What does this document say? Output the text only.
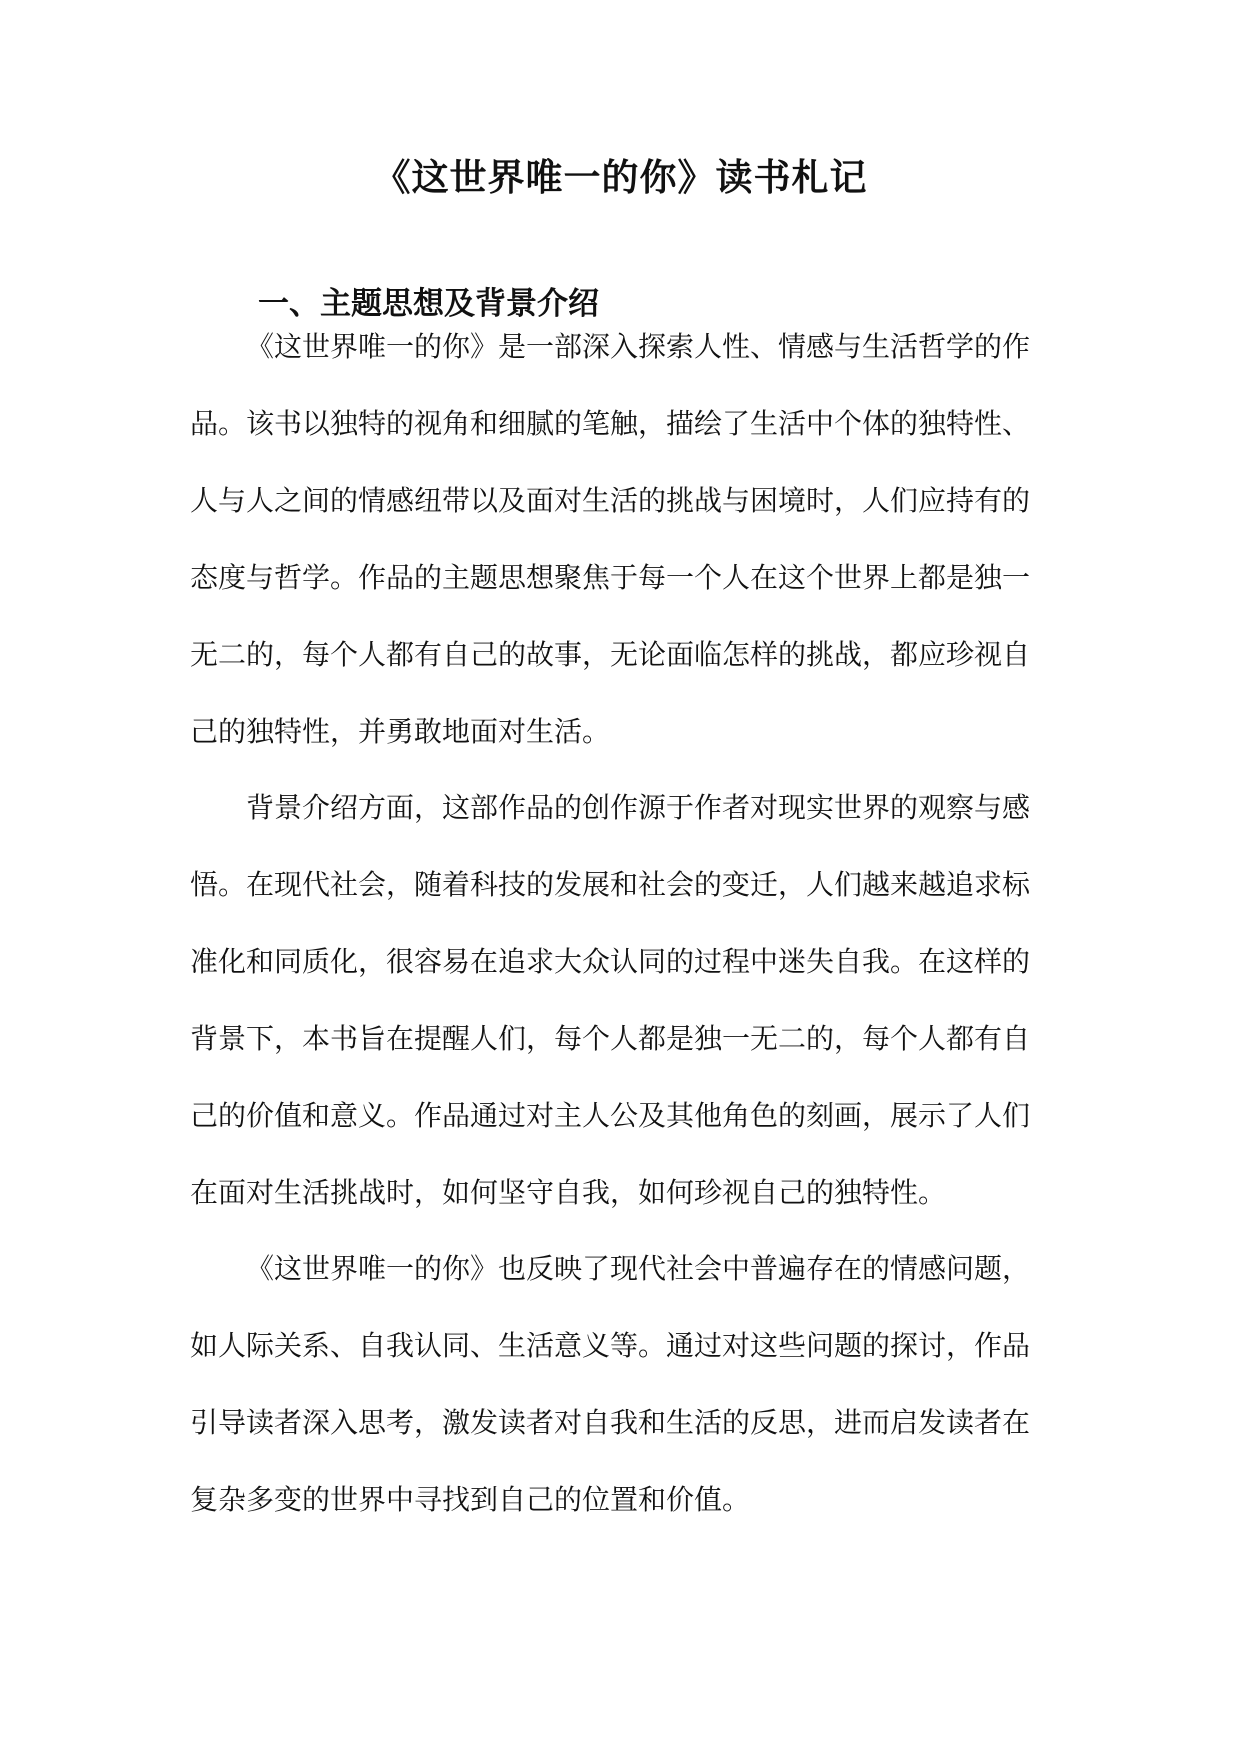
《这世界唯一的你》读书札记
一、主题思想及背景介绍
《这世界唯一的你》是一部深入探索人性、情感与生活哲学的作
品。该书以独特的视角和细腻的笔触，描绘了生活中个体的独特性、
人与人之间的情感纽带以及面对生活的挑战与困境时，人们应持有的
态度与哲学。作品的主题思想聚焦于每一个人在这个世界上都是独一
无二的，每个人都有自己的故事，无论面临怎样的挑战，都应珍视自
己的独特性，并勇敢地面对生活。
背景介绍方面，这部作品的创作源于作者对现实世界的观察与感
悟。在现代社会，随着科技的发展和社会的变迁，人们越来越追求标
准化和同质化，很容易在追求大众认同的过程中迷失自我。在这样的
背景下，本书旨在提醒人们，每个人都是独一无二的，每个人都有自
己的价值和意义。作品通过对主人公及其他角色的刻画，展示了人们
在面对生活挑战时，如何坚守自我，如何珍视自己的独特性。
《这世界唯一的你》也反映了现代社会中普遍存在的情感问题，
如人际关系、自我认同、生活意义等。通过对这些问题的探讨，作品
引导读者深入思考，激发读者对自我和生活的反思，进而启发读者在
复杂多变的世界中寻找到自己的位置和价值。
